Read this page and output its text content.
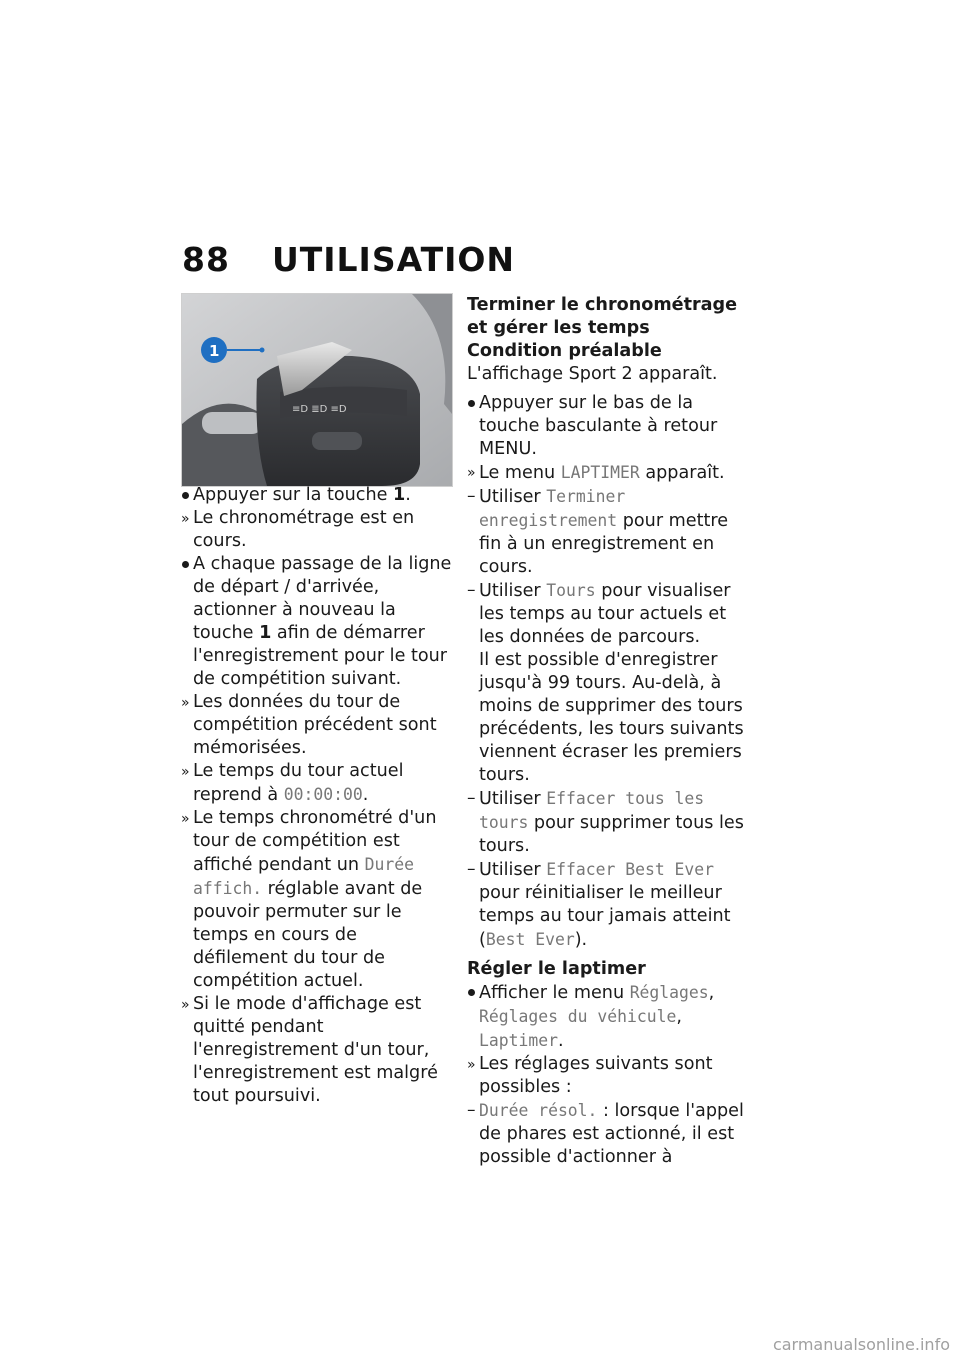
88 UTILISATION
≡D ≣D ≡D
1
Appuyer sur la touche 1.
»
Le chronométrage est en cours.
A chaque passage de la ligne de départ / d'arrivée, actionner à nouveau la touche 1 afin de démarrer l'enregistrement pour le tour de compétition suivant.
»
Les données du tour de compétition précédent sont mémorisées.
»
Le temps du tour actuel reprend à 00:00:00.
»
Le temps chronométré d'un tour de compétition est affiché pendant un Durée affich. réglable avant de pouvoir permuter sur le temps en cours de défilement du tour de compétition actuel.
»
Si le mode d'affichage est quitté pendant l'enregistrement d'un tour, l'enregistrement est malgré tout poursuivi.
Terminer le chronométrage et gérer les temps
Condition préalable
L'affichage Sport 2 apparaît.
Appuyer sur le bas de la touche basculante à retour MENU.
»
Le menu LAPTIMER apparaît.
–
Utiliser Terminer enregistrement pour mettre fin à un enregistrement en cours.
–
Utiliser Tours pour visualiser les temps au tour actuels et les données de parcours.
Il est possible d'enregistrer jusqu'à 99 tours. Au-delà, à moins de supprimer des tours précédents, les tours suivants viennent écraser les premiers tours.
–
Utiliser Effacer tous les tours pour supprimer tous les tours.
–
Utiliser Effacer Best Ever pour réinitialiser le meilleur temps au tour jamais atteint (Best Ever).
Régler le laptimer
Afficher le menu Réglages, Réglages du véhicule, Laptimer.
»
Les réglages suivants sont possibles :
–
Durée résol. : lorsque l'appel de phares est actionné, il est possible d'actionner à
carmanualsonline.info
